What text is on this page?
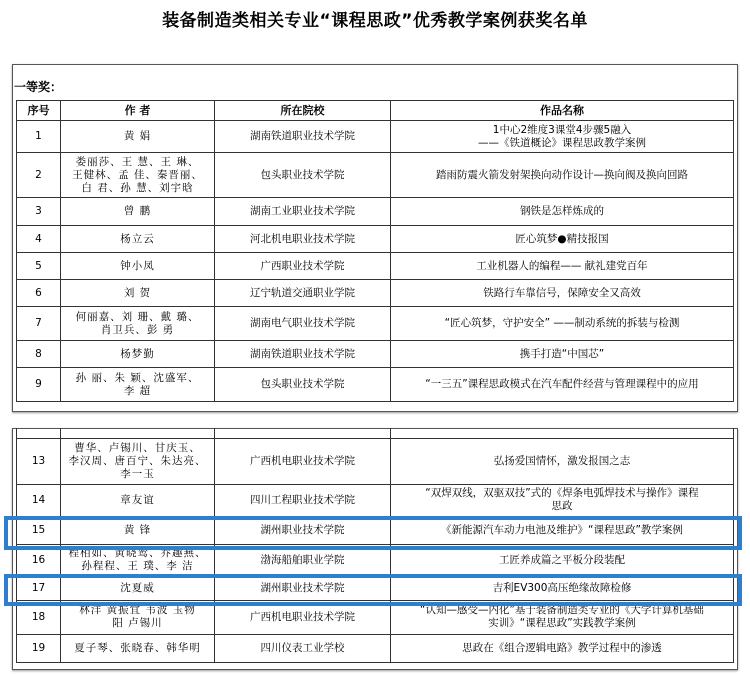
装备制造类相关专业“课程思政”优秀教学案例获奖名单
一等奖：
序号	作 者	所在院校	作品名称
1	黄 娟	湖南铁道职业技术学院	1中心2维度3课堂4步骤5融入
——《铁道概论》课程思政教学案例
2	娄丽莎、王 慧、王 琳、
王健林、孟 佳、秦晋丽、
白 君、孙 慧、刘宇晗	包头职业技术学院	踏雨防震火箭发射架换向动作设计—换向阀及换向回路
3	曾 鹏	湖南工业职业技术学院	钢铁是怎样炼成的
4	杨立云	河北机电职业技术学院	匠心筑梦●精技报国
5	钟小凤	广西职业技术学院	工业机器人的编程—— 献礼建党百年
6	刘 贺	辽宁轨道交通职业学院	铁路行车靠信号，保障安全又高效
7	何丽嘉、刘 珊、戴 璐、
肖卫兵、彭 勇	湖南电气职业技术学院	“匠心筑梦，守护安全” ——制动系统的拆装与检测
8	杨梦勤	湖南铁道职业技术学院	携手打造“中国芯”
9	孙 丽、朱 颖、沈盛军、
李 超	包头职业技术学院	“一三五”课程思政模式在汽车配件经营与管理课程中的应用

13	曹华、卢锡川、甘庆玉、
李汉周、唐百宁、朱达亮、
李一玉	广西机电职业技术学院	弘扬爱国情怀，激发报国之志
14	章友谊	四川工程职业技术学院	“双焊双线，双驱双技”式的《焊条电弧焊技术与操作》课程
思政
15	黄 锋	湖州职业技术学院	《新能源汽车动力电池及维护》“课程思政”教学案例
16	程相如、黄晓鸾、乔趣燕、
孙程程、王 璞、李 洁	渤海船舶职业学院	工匠养成篇之平板分段装配
17	沈夏威	湖州职业技术学院	吉利EV300高压绝缘故障检修
18	林洋 黄振宜 韦波 玉物
阳 卢锡川	广西机电职业技术学院	“认知—感受—内化”基于装备制造类专业的《大学计算机基础
实训》“课程思政”实践教学案例
19	夏子琴、张晓春、韩华明	四川仪表工业学校	思政在《组合逻辑电路》教学过程中的渗透
